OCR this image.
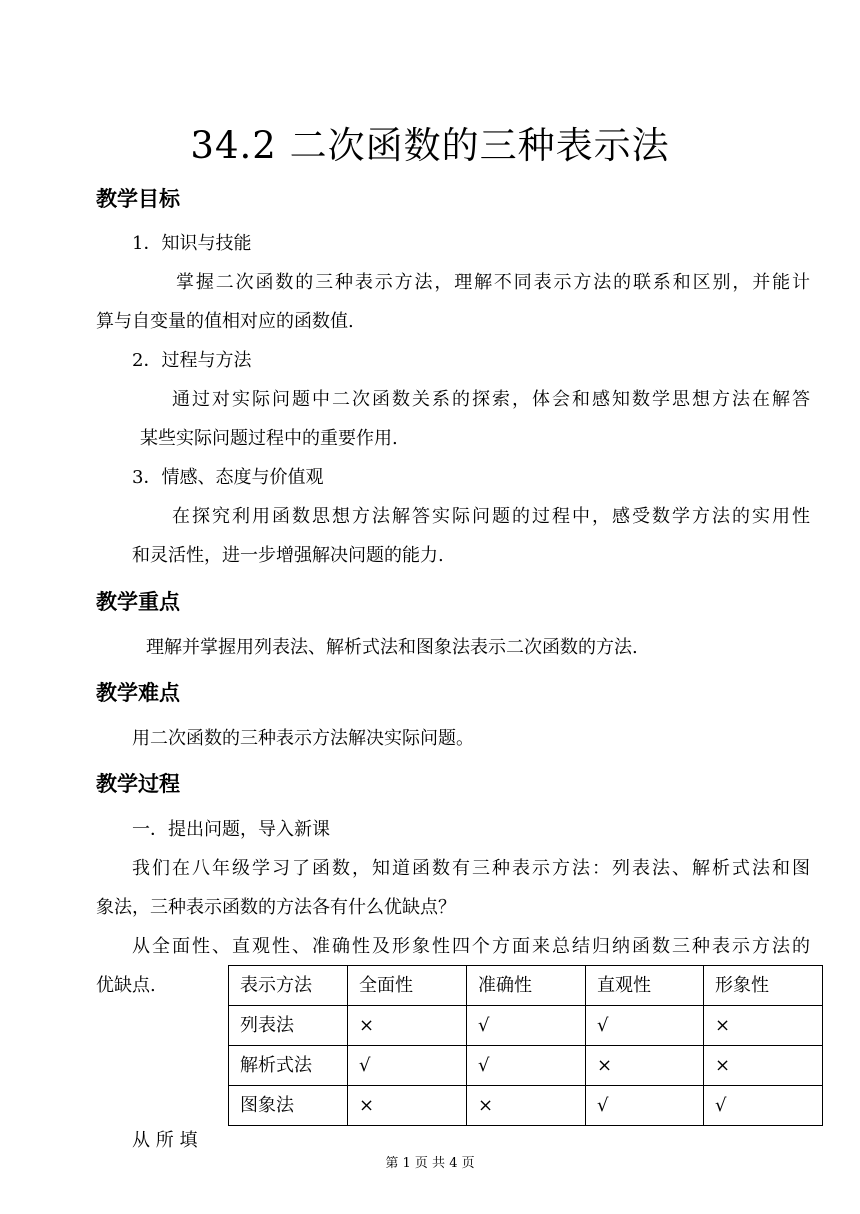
34.2 二次函数的三种表示法
教学目标
1．知识与技能
掌握二次函数的三种表示方法，理解不同表示方法的联系和区别，并能计
算与自变量的值相对应的函数值.
2．过程与方法
通过对实际问题中二次函数关系的探索，体会和感知数学思想方法在解答
某些实际问题过程中的重要作用.
3．情感、态度与价值观
在探究利用函数思想方法解答实际问题的过程中，感受数学方法的实用性
和灵活性，进一步增强解决问题的能力.
教学重点
理解并掌握用列表法、解析式法和图象法表示二次函数的方法.
教学难点
用二次函数的三种表示方法解决实际问题。
教学过程
一．提出问题，导入新课
我们在八年级学习了函数，知道函数有三种表示方法：列表法、解析式法和图
象法，三种表示函数的方法各有什么优缺点？
从全面性、直观性、准确性及形象性四个方面来总结归纳函数三种表示方法的
优缺点.	表示方法	全面性	准确性	直观性	形象性
列表法	×	√	√	×
解析式法	√	√	×	×
图象法	×	×	√	√
从 所 填
第 1 页 共 4 页
